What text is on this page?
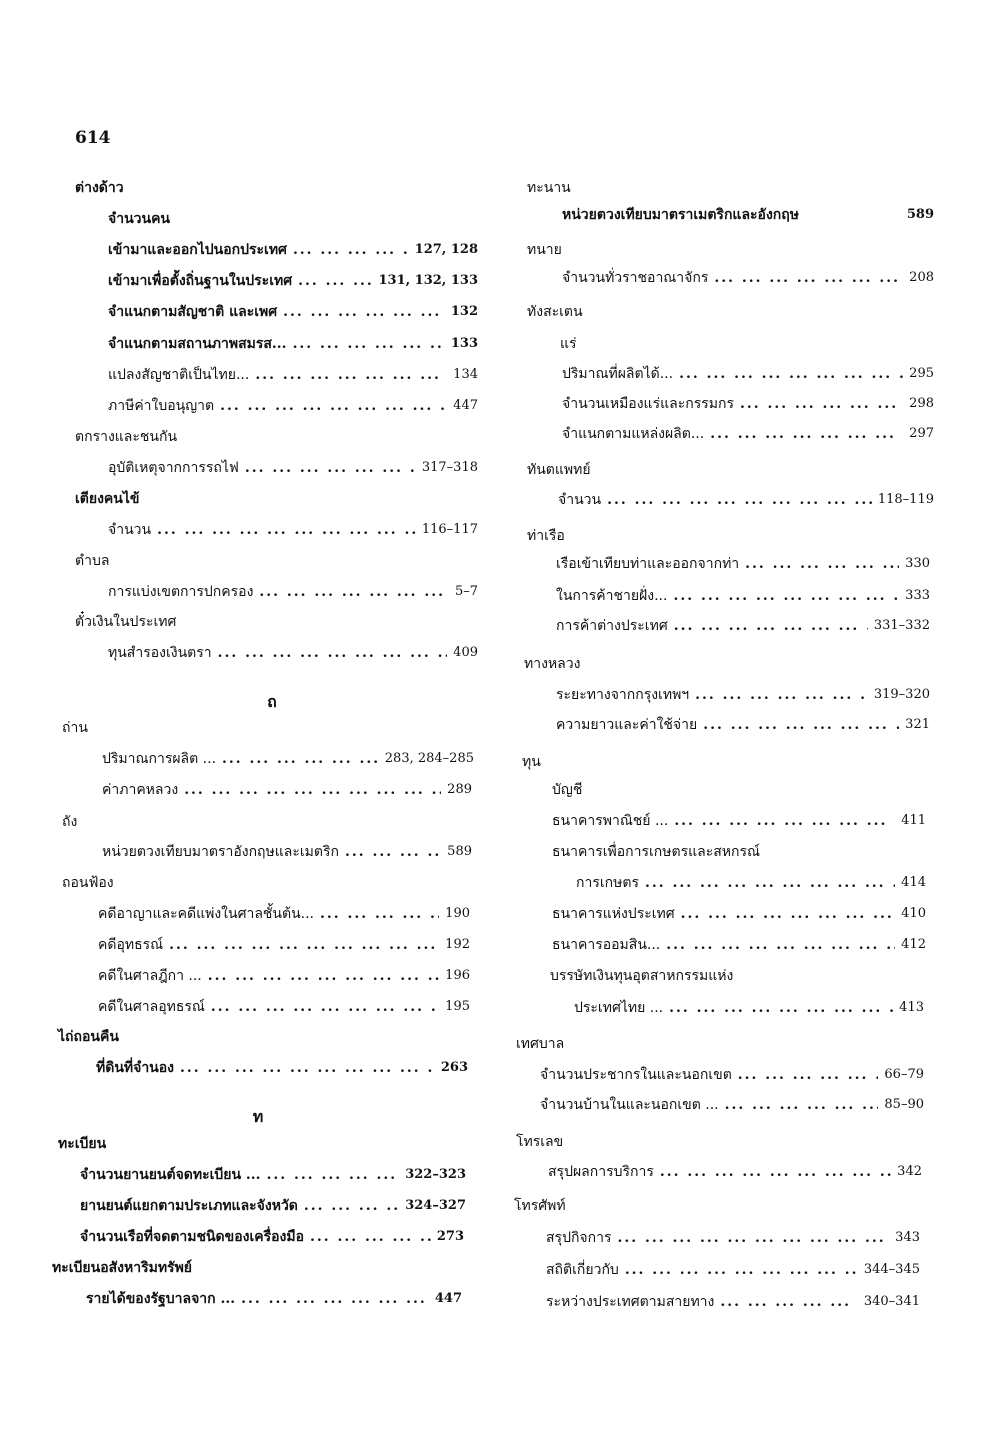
614
ต่างด้าว
จำนวนคน
เข้ามาและออกไปนอกประเทศ ... .	127, 128
เข้ามาเพื่อตั้งถิ่นฐานในประเทศ ... .	131, 132, 133
จำแนกตามสัญชาติ และเพศ ... .	132
จำแนกตามสถานภาพสมรส... ... .	133
แปลงสัญชาติเป็นไทย... ... .	134
ภาษีค่าใบอนุญาต ... .	447
ตกรางและชนกัน
อุบัติเหตุจากการรถไฟ ... .	317–318
เตียงคนไข้
จำนวน ... .	116–117
ตำบล
การแบ่งเขตการปกครอง ... .	5–7
ตั๋วเงินในประเทศ
ทุนสำรองเงินตรา ... .	409
ถ
ถ่าน
ปริมาณการผลิต ... ... .	283, 284–285
ค่าภาคหลวง ... .	289
ถัง
หน่วยตวงเทียบมาตราอังกฤษและเมตริก ... .	589
ถอนฟ้อง
คดีอาญาและคดีแพ่งในศาลชั้นต้น... ... .	190
คดีอุทธรณ์ ... .	192
คดีในศาลฎีกา ... ... .	196
คดีในศาลอุทธรณ์ ... .	195
ไถ่ถอนคืน
ที่ดินที่จำนอง ... .	263
ท
ทะเบียน
จำนวนยานยนต์จดทะเบียน ... ... .	322–323
ยานยนต์แยกตามประเภทและจังหวัด ... .	324–327
จำนวนเรือที่จดตามชนิดของเครื่องมือ ... .	273
ทะเบียนอสังหาริมทรัพย์
รายได้ของรัฐบาลจาก ... ... .	447
ทะนาน
หน่วยตวงเทียบมาตราเมตริกและอังกฤษ	589
ทนาย
จำนวนทั่วราชอาณาจักร ... .	208
ทังสะเตน
แร่
ปริมาณที่ผลิตได้... ... .	295
จำนวนเหมืองแร่และกรรมกร ... .	298
จำแนกตามแหล่งผลิต... ... .	297
ทันตแพทย์
จำนวน ... .	118–119
ท่าเรือ
เรือเข้าเทียบท่าและออกจากท่า ... .	330
ในการค้าชายฝั่ง... ... .	333
การค้าต่างประเทศ ... .	331–332
ทางหลวง
ระยะทางจากกรุงเทพฯ ... .	319–320
ความยาวและค่าใช้จ่าย ... .	321
ทุน
บัญชี
ธนาคารพาณิชย์ ... ... .	411
ธนาคารเพื่อการเกษตรและสหกรณ์
การเกษตร ... .	414
ธนาคารแห่งประเทศ ... .	410
ธนาคารออมสิน... ... .	412
บรรษัทเงินทุนอุตสาหกรรมแห่ง
ประเทศไทย ... ... .	413
เทศบาล
จำนวนประชากรในและนอกเขต ... .	66–79
จำนวนบ้านในและนอกเขต ... ... .	85–90
โทรเลข
สรุปผลการบริการ ... .	342
โทรศัพท์
สรุปกิจการ ... .	343
สถิติเกี่ยวกับ ... .	344–345
ระหว่างประเทศตามสายทาง ... .	340–341
